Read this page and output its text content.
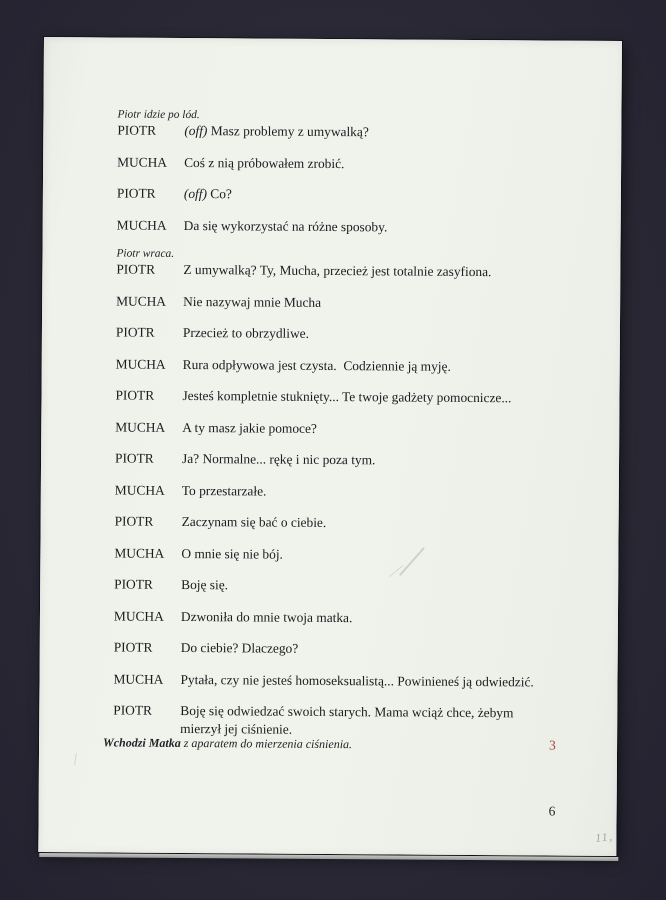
Piotr idzie po lód.
PIOTR	(off) Masz problemy z umywalką?
MUCHA	Coś z nią próbowałem zrobić.
PIOTR	(off) Co?
MUCHA	Da się wykorzystać na różne sposoby.
Piotr wraca.
PIOTR	Z umywalką? Ty, Mucha, przecież jest totalnie zasyfiona.
MUCHA	Nie nazywaj mnie Mucha
PIOTR	Przecież to obrzydliwe.
MUCHA	Rura odpływowa jest czysta.  Codziennie ją myję.
PIOTR	Jesteś kompletnie stuknięty... Te twoje gadżety pomocnicze...
MUCHA	A ty masz jakie pomoce?
PIOTR	Ja? Normalne... rękę i nic poza tym.
MUCHA	To przestarzałe.
PIOTR	Zaczynam się bać o ciebie.
MUCHA	O mnie się nie bój.
PIOTR	Boję się.
MUCHA	Dzwoniła do mnie twoja matka.
PIOTR	Do ciebie? Dlaczego?
MUCHA	Pytała, czy nie jesteś homoseksualistą... Powinieneś ją odwiedzić.
PIOTR	Boję się odwiedzać swoich starych. Mama wciąż chce, żebym
mierzył jej ciśnienie.
Wchodzi Matka z aparatem do mierzenia ciśnienia.	3
6
11,
